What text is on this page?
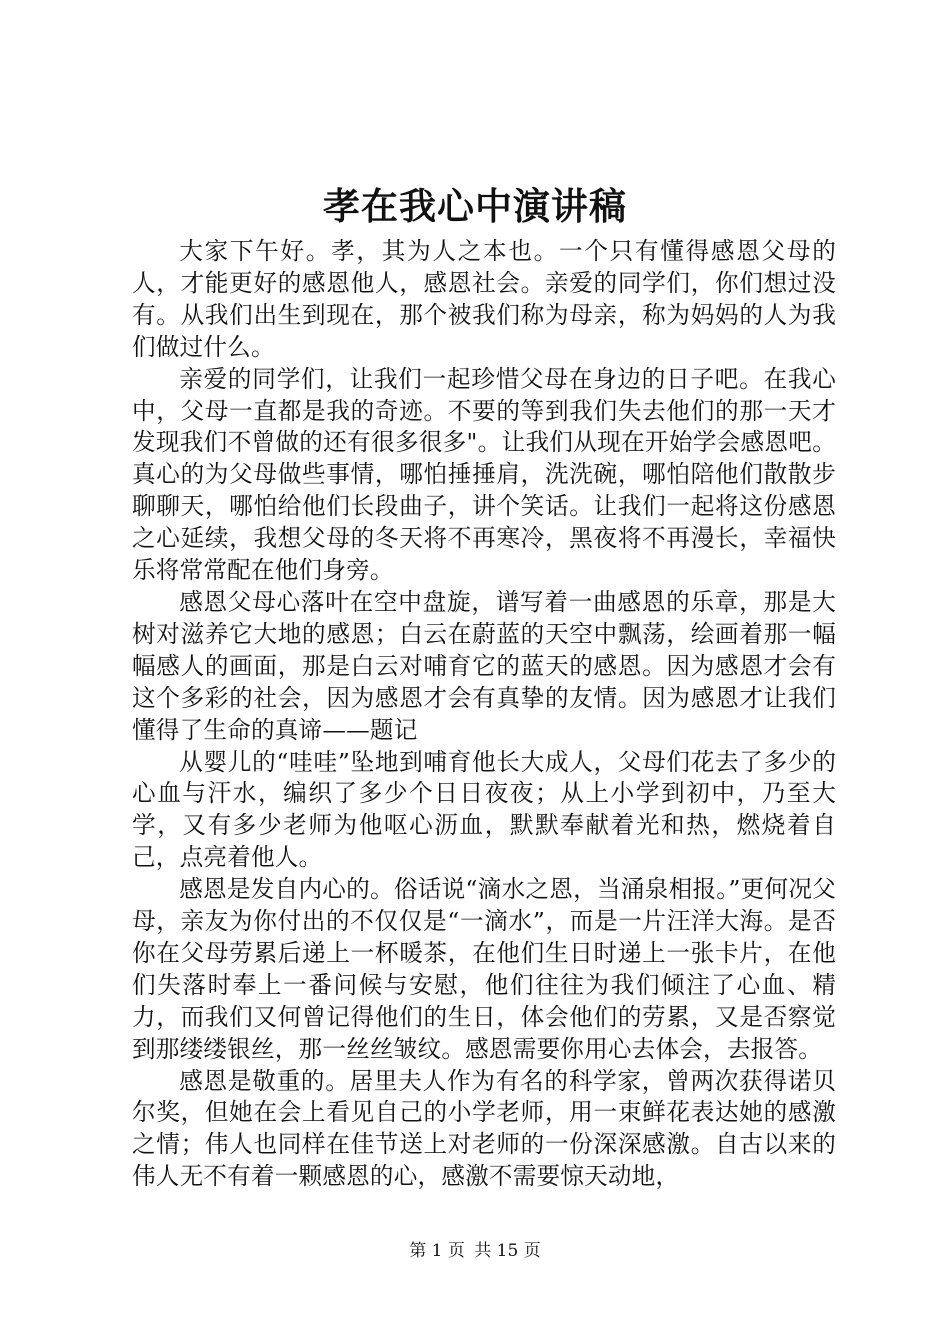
孝在我心中演讲稿

大家下午好。孝，其为人之本也。一个只有懂得感恩父母的人，才能更好的感恩他人，感恩社会。亲爱的同学们，你们想过没有。从我们出生到现在，那个被我们称为母亲，称为妈妈的人为我们做过什么。

亲爱的同学们，让我们一起珍惜父母在身边的日子吧。在我心中，父母一直都是我的奇迹。不要的等到我们失去他们的那一天才发现我们不曾做的还有很多很多"。让我们从现在开始学会感恩吧。真心的为父母做些事情，哪怕捶捶肩，洗洗碗，哪怕陪他们散散步聊聊天，哪怕给他们长段曲子，讲个笑话。让我们一起将这份感恩之心延续，我想父母的冬天将不再寒冷，黑夜将不再漫长，幸福快乐将常常配在他们身旁。

感恩父母心落叶在空中盘旋，谱写着一曲感恩的乐章，那是大树对滋养它大地的感恩；白云在蔚蓝的天空中飘荡，绘画着那一幅幅感人的画面，那是白云对哺育它的蓝天的感恩。因为感恩才会有这个多彩的社会，因为感恩才会有真挚的友情。因为感恩才让我们懂得了生命的真谛——题记

从婴儿的“哇哇”坠地到哺育他长大成人，父母们花去了多少的心血与汗水，编织了多少个日日夜夜；从上小学到初中，乃至大学，又有多少老师为他呕心沥血，默默奉献着光和热，燃烧着自己，点亮着他人。

感恩是发自内心的。俗话说“滴水之恩，当涌泉相报。”更何况父母，亲友为你付出的不仅仅是“一滴水”，而是一片汪洋大海。是否你在父母劳累后递上一杯暖茶，在他们生日时递上一张卡片，在他们失落时奉上一番问候与安慰，他们往往为我们倾注了心血、精力，而我们又何曾记得他们的生日，体会他们的劳累，又是否察觉到那缕缕银丝，那一丝丝皱纹。感恩需要你用心去体会，去报答。

感恩是敬重的。居里夫人作为有名的科学家，曾两次获得诺贝尔奖，但她在会上看见自己的小学老师，用一束鲜花表达她的感激之情；伟人也同样在佳节送上对老师的一份深深感激。自古以来的伟人无不有着一颗感恩的心，感激不需要惊天动地，

第 1 页 共 15 页
